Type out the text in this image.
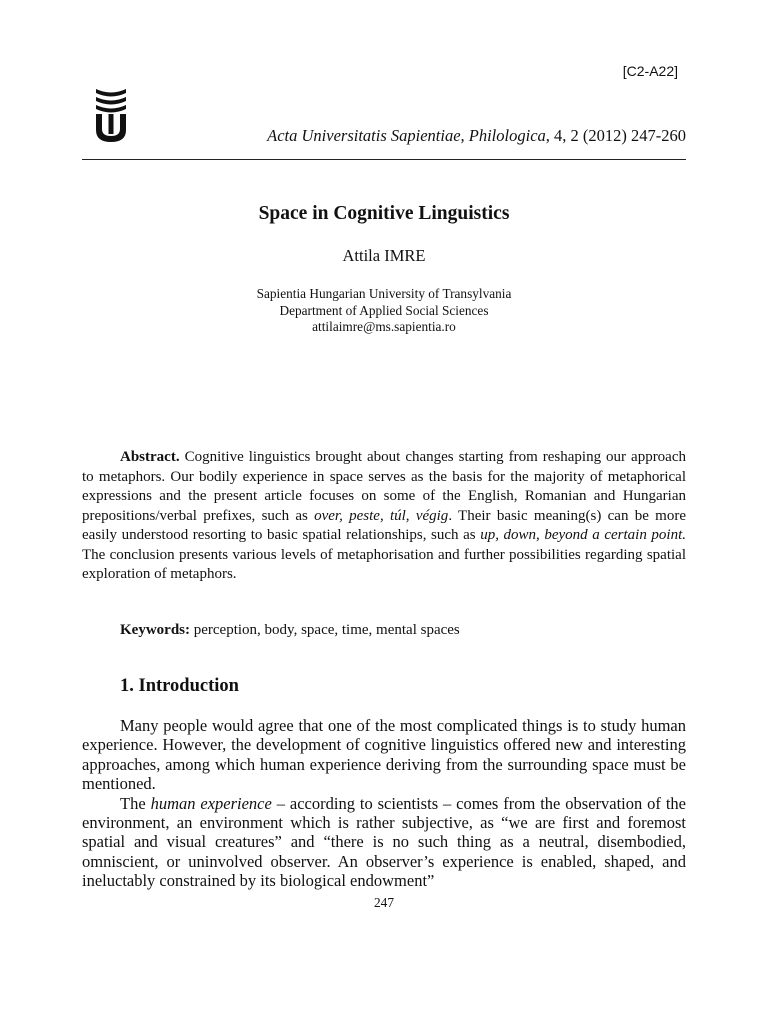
[C2-A22]
Acta Universitatis Sapientiae, Philologica, 4, 2 (2012) 247-260
Space in Cognitive Linguistics
Attila IMRE
Sapientia Hungarian University of Transylvania
Department of Applied Social Sciences
attilaimre@ms.sapientia.ro

Abstract. Cognitive linguistics brought about changes starting from reshaping our approach to metaphors. Our bodily experience in space serves as the basis for the majority of metaphorical expressions and the present article focuses on some of the English, Romanian and Hungarian prepositions/verbal prefixes, such as over, peste, túl, végig. Their basic meaning(s) can be more easily understood resorting to basic spatial relationships, such as up, down, beyond a certain point. The conclusion presents various levels of metaphorisation and further possibilities regarding spatial exploration of metaphors.

Keywords: perception, body, space, time, mental spaces
1. Introduction

Many people would agree that one of the most complicated things is to study human experience. However, the development of cognitive linguistics offered new and interesting approaches, among which human experience deriving from the surrounding space must be mentioned.

The human experience – according to scientists – comes from the observation of the environment, an environment which is rather subjective, as “we are first and foremost spatial and visual creatures” and “there is no such thing as a neutral, disembodied, omniscient, or uninvolved observer. An observer’s experience is enabled, shaped, and ineluctably constrained by its biological endowment”

247
